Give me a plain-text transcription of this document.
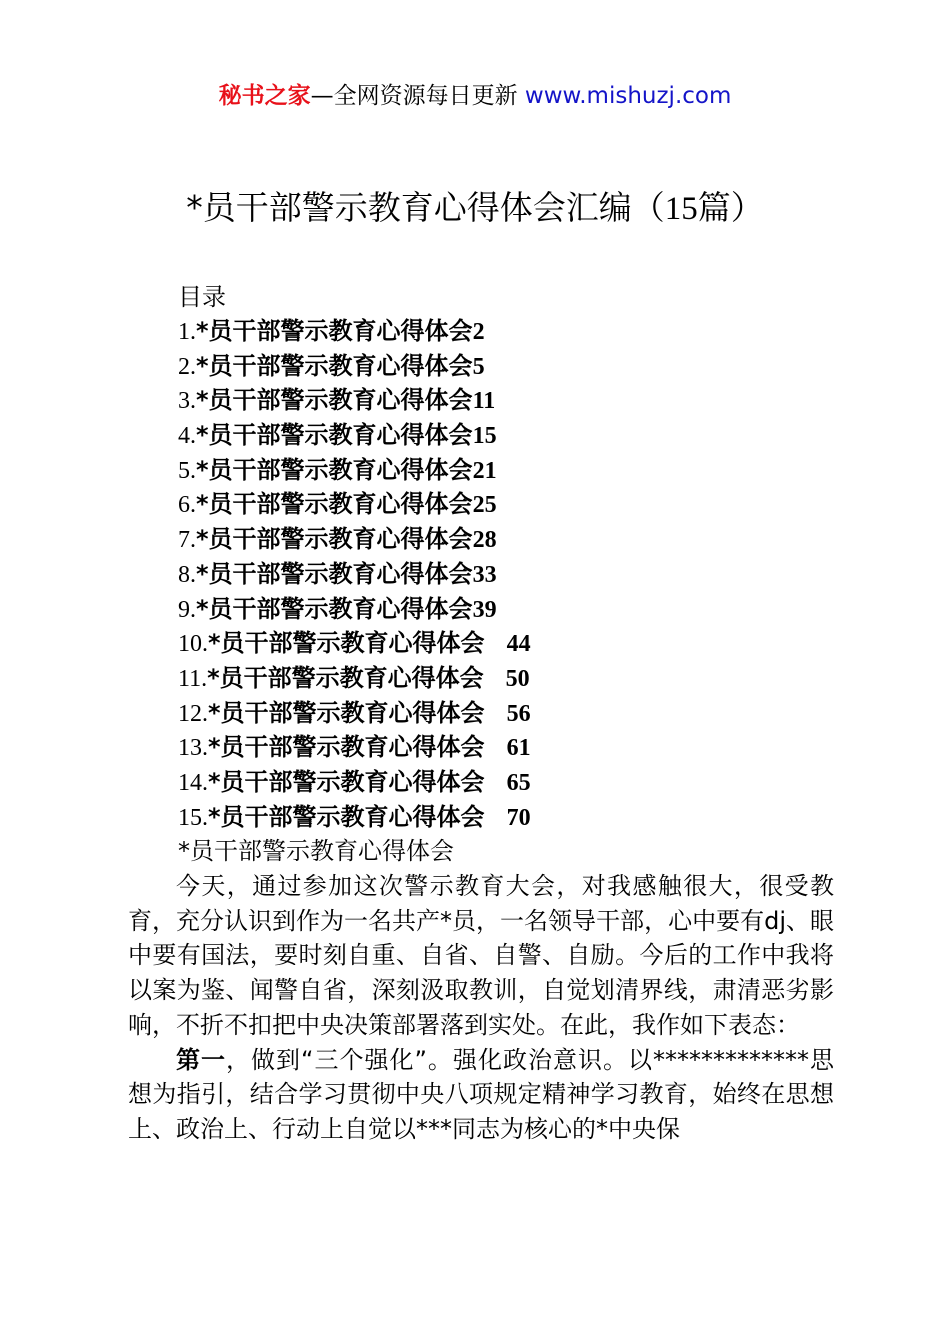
秘书之家—全网资源每日更新 www.mishuzj.com
*员干部警示教育心得体会汇编（15篇）
目录
1.*员干部警示教育心得体会2
2.*员干部警示教育心得体会5
3.*员干部警示教育心得体会11
4.*员干部警示教育心得体会15
5.*员干部警示教育心得体会21
6.*员干部警示教育心得体会25
7.*员干部警示教育心得体会28
8.*员干部警示教育心得体会33
9.*员干部警示教育心得体会39
10.*员干部警示教育心得体会 44
11.*员干部警示教育心得体会 50
12.*员干部警示教育心得体会 56
13.*员干部警示教育心得体会 61
14.*员干部警示教育心得体会 65
15.*员干部警示教育心得体会 70
*员干部警示教育心得体会

今天，通过参加这次警示教育大会，对我感触很大，很受教育，充分认识到作为一名共产*员，一名领导干部，心中要有dj、眼中要有国法，要时刻自重、自省、自警、自励。今后的工作中我将以案为鉴、闻警自省，深刻汲取教训，自觉划清界线，肃清恶劣影响，不折不扣把中央决策部署落到实处。在此，我作如下表态：

第一，做到“三个强化”。强化政治意识。以*************思想为指引，结合学习贯彻中央八项规定精神学习教育，始终在思想上、政治上、行动上自觉以***同志为核心的*中央保
